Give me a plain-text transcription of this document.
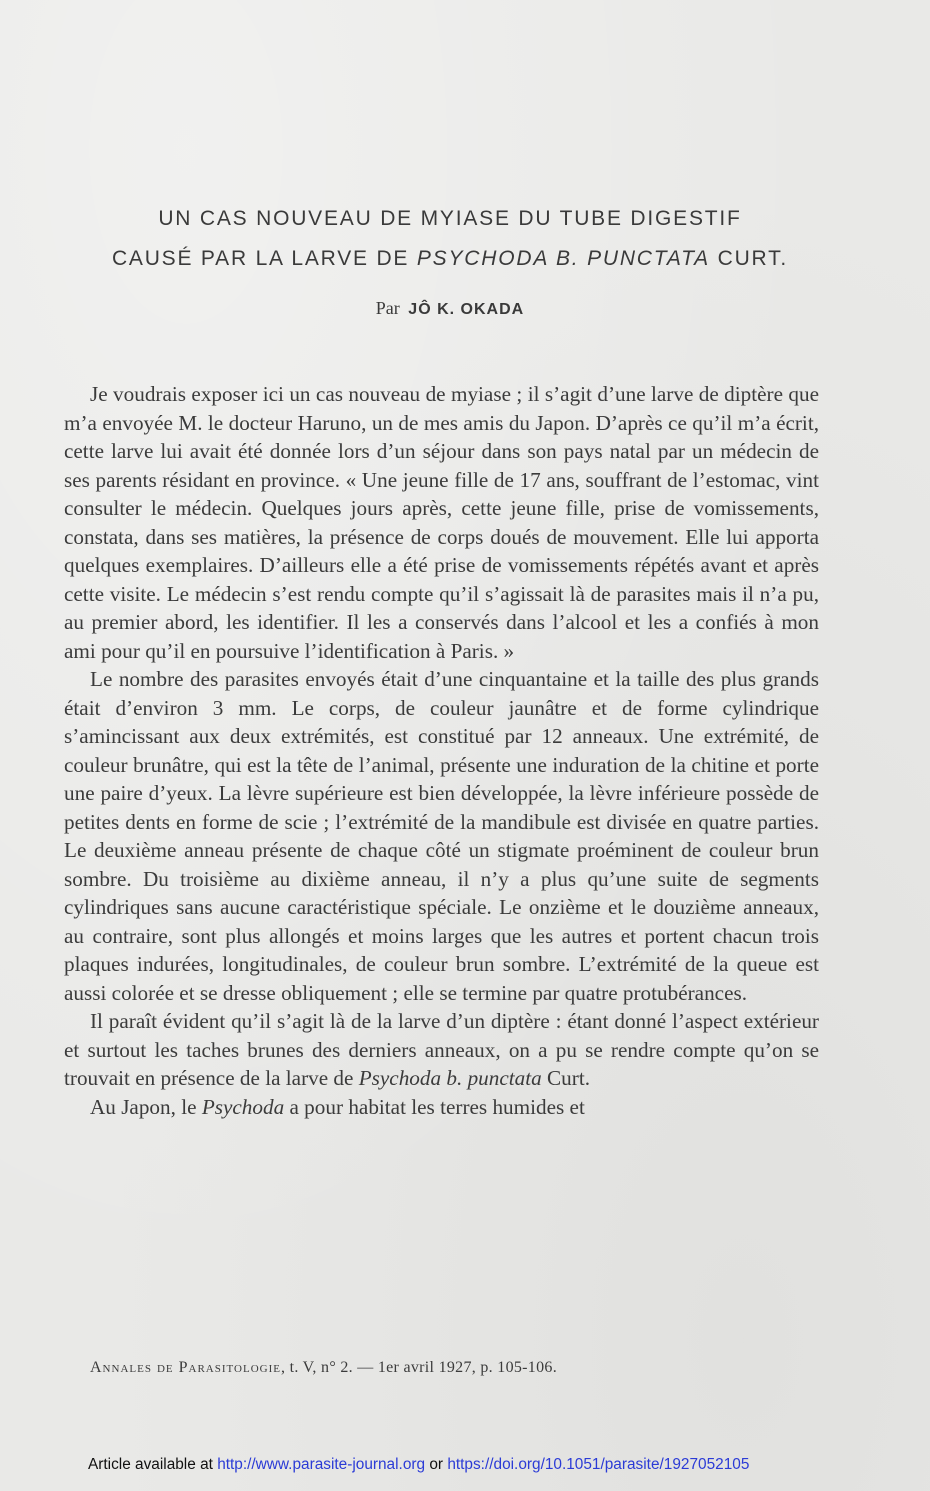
UN CAS NOUVEAU DE MYIASE DU TUBE DIGESTIF
CAUSÉ PAR LA LARVE DE PSYCHODA B. PUNCTATA CURT.
Par JÔ K. OKADA

Je voudrais exposer ici un cas nouveau de myiase ; il s’agit d’une larve de diptère que m’a envoyée M. le docteur Haruno, un de mes amis du Japon. D’après ce qu’il m’a écrit, cette larve lui avait été donnée lors d’un séjour dans son pays natal par un médecin de ses parents résidant en province. « Une jeune fille de 17 ans, souffrant de l’estomac, vint consulter le médecin. Quelques jours après, cette jeune fille, prise de vomissements, constata, dans ses matières, la présence de corps doués de mouvement. Elle lui apporta quelques exemplaires. D’ailleurs elle a été prise de vomissements répétés avant et après cette visite. Le médecin s’est rendu compte qu’il s’agissait là de parasites mais il n’a pu, au premier abord, les identifier. Il les a conservés dans l’alcool et les a confiés à mon ami pour qu’il en poursuive l’identification à Paris. »

Le nombre des parasites envoyés était d’une cinquantaine et la taille des plus grands était d’environ 3 mm. Le corps, de couleur jaunâtre et de forme cylindrique s’amincissant aux deux extrémités, est constitué par 12 anneaux. Une extrémité, de couleur brunâtre, qui est la tête de l’animal, présente une induration de la chitine et porte une paire d’yeux. La lèvre supérieure est bien développée, la lèvre inférieure possède de petites dents en forme de scie ; l’extrémité de la mandibule est divisée en quatre parties. Le deuxième anneau présente de chaque côté un stigmate proéminent de couleur brun sombre. Du troisième au dixième anneau, il n’y a plus qu’une suite de segments cylindriques sans aucune caractéristique spéciale. Le onzième et le douzième anneaux, au contraire, sont plus allongés et moins larges que les autres et portent chacun trois plaques indurées, longitudinales, de couleur brun sombre. L’extrémité de la queue est aussi colorée et se dresse obliquement ; elle se termine par quatre protubérances.

Il paraît évident qu’il s’agit là de la larve d’un diptère : étant donné l’aspect extérieur et surtout les taches brunes des derniers anneaux, on a pu se rendre compte qu’on se trouvait en présence de la larve de Psychoda b. punctata Curt.

Au Japon, le Psychoda a pour habitat les terres humides et

Annales de Parasitologie, t. V, n° 2. — 1er avril 1927, p. 105-106.
Article available at http://www.parasite-journal.org or https://doi.org/10.1051/parasite/1927052105
